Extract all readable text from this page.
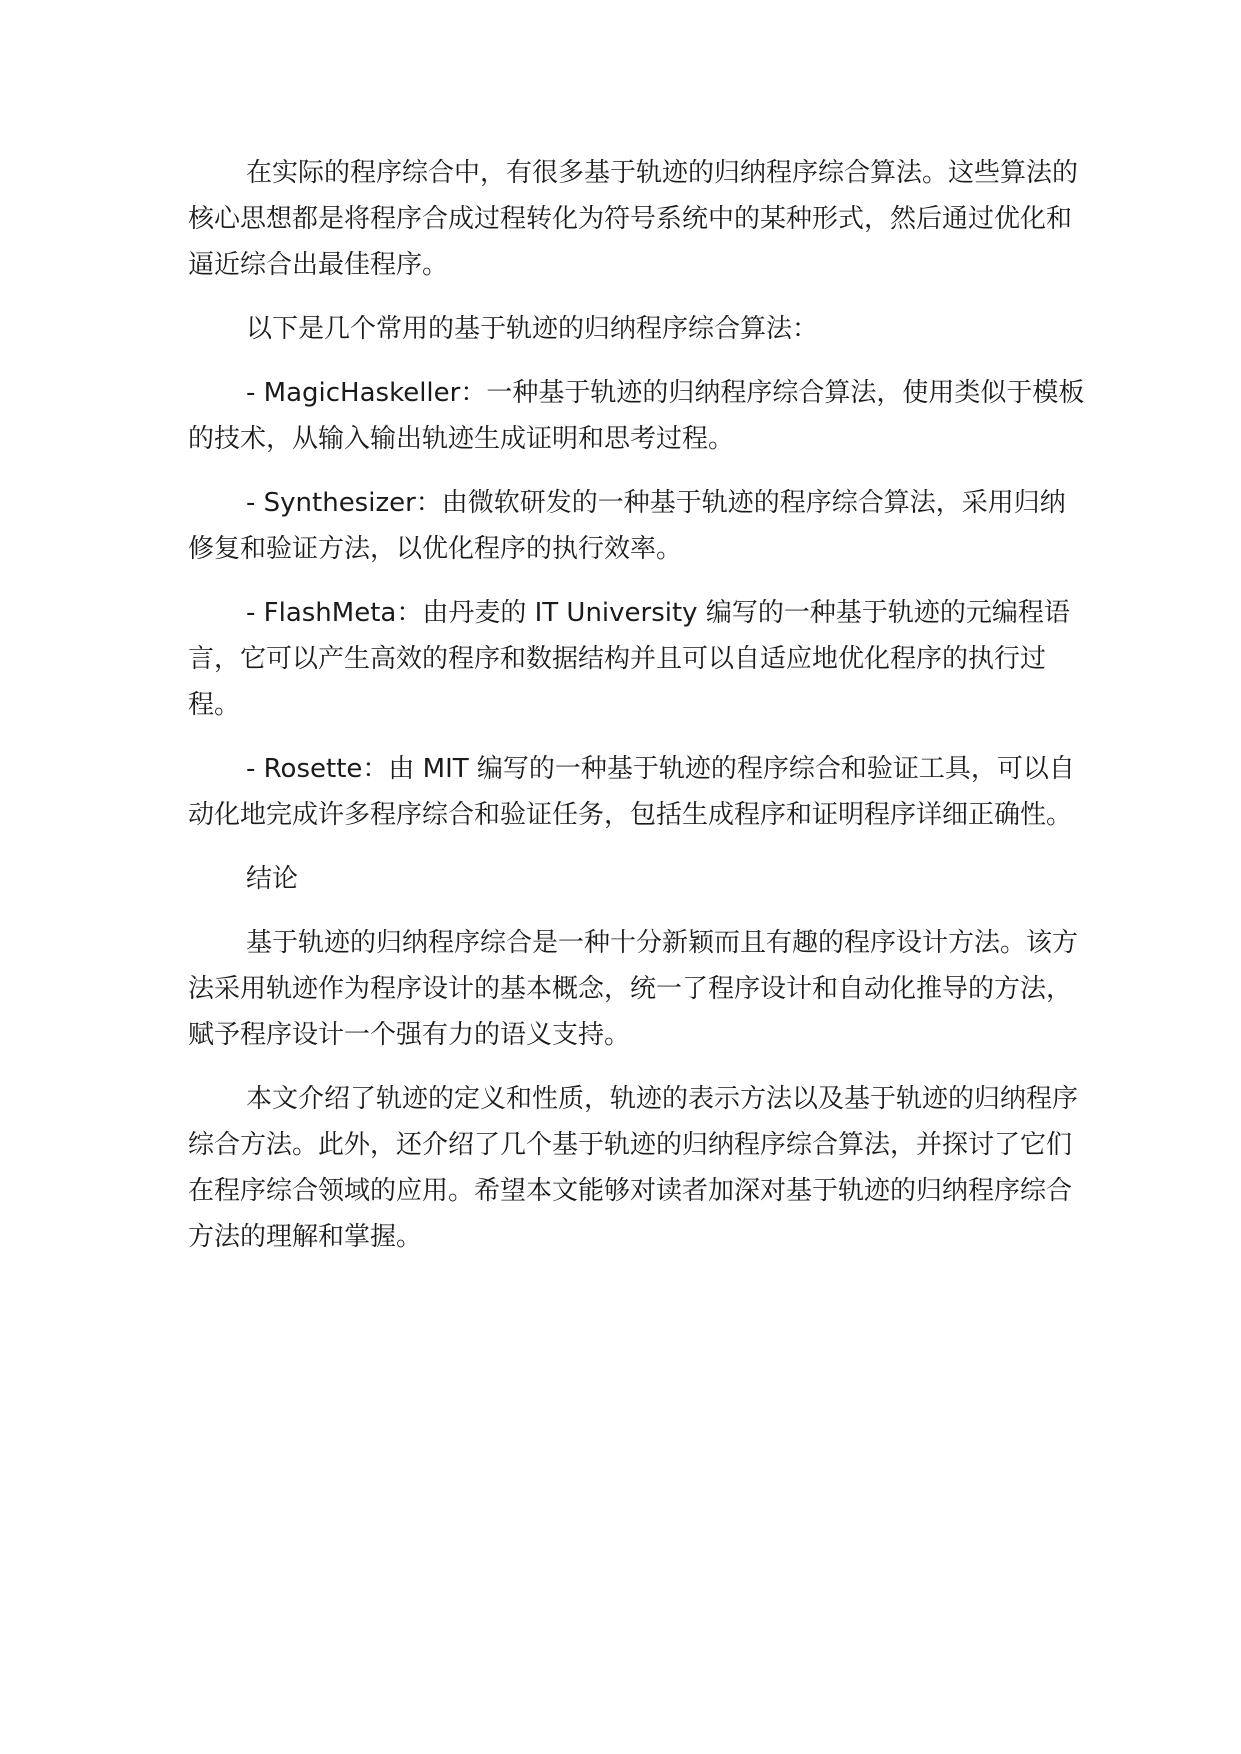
在实际的程序综合中，有很多基于轨迹的归纳程序综合算法。这些算法的核心思想都是将程序合成过程转化为符号系统中的某种形式，然后通过优化和逼近综合出最佳程序。

以下是几个常用的基于轨迹的归纳程序综合算法：

- MagicHaskeller：一种基于轨迹的归纳程序综合算法，使用类似于模板的技术，从输入输出轨迹生成证明和思考过程。

- Synthesizer：由微软研发的一种基于轨迹的程序综合算法，采用归纳修复和验证方法，以优化程序的执行效率。

- FlashMeta：由丹麦的 IT University 编写的一种基于轨迹的元编程语言，它可以产生高效的程序和数据结构并且可以自适应地优化程序的执行过程。

- Rosette：由 MIT 编写的一种基于轨迹的程序综合和验证工具，可以自动化地完成许多程序综合和验证任务，包括生成程序和证明程序详细正确性。

结论

基于轨迹的归纳程序综合是一种十分新颖而且有趣的程序设计方法。该方法采用轨迹作为程序设计的基本概念，统一了程序设计和自动化推导的方法，赋予程序设计一个强有力的语义支持。

本文介绍了轨迹的定义和性质，轨迹的表示方法以及基于轨迹的归纳程序综合方法。此外，还介绍了几个基于轨迹的归纳程序综合算法，并探讨了它们在程序综合领域的应用。希望本文能够对读者加深对基于轨迹的归纳程序综合方法的理解和掌握。
